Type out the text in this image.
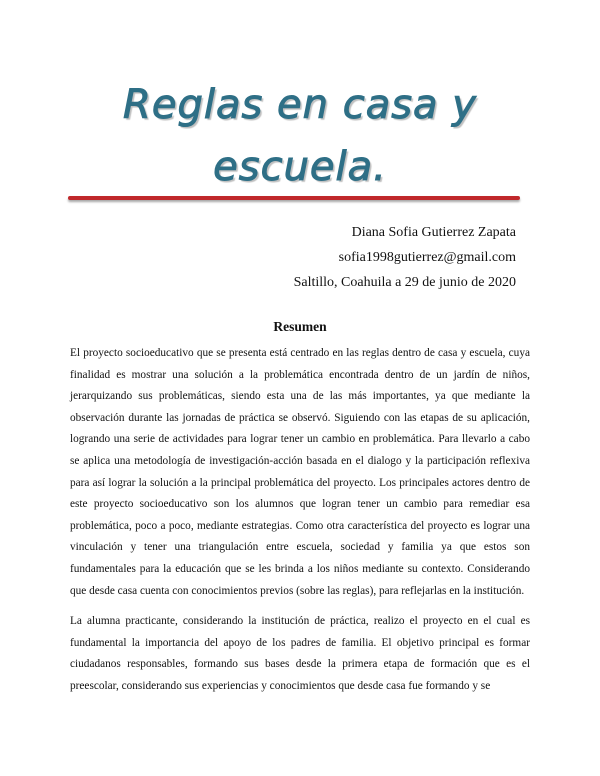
Reglas en casa y escuela.
Diana Sofia Gutierrez Zapata
sofia1998gutierrez@gmail.com
Saltillo, Coahuila a 29 de junio de 2020
Resumen

El proyecto socioeducativo que se presenta está centrado en las reglas dentro de casa y escuela, cuya finalidad es mostrar una solución a la problemática encontrada dentro de un jardín de niños, jerarquizando sus problemáticas, siendo esta una de las más importantes, ya que mediante la observación durante las jornadas de práctica se observó. Siguiendo con las etapas de su aplicación, logrando una serie de actividades para lograr tener un cambio en problemática. Para llevarlo a cabo se aplica una metodología de investigación-acción basada en el dialogo y la participación reflexiva para así lograr la solución a la principal problemática del proyecto. Los principales actores dentro de este proyecto socioeducativo son los alumnos que logran tener un cambio para remediar esa problemática, poco a poco, mediante estrategias. Como otra característica del proyecto es lograr una vinculación y tener una triangulación entre escuela, sociedad y familia ya que estos son fundamentales para la educación que se les brinda a los niños mediante su contexto. Considerando que desde casa cuenta con conocimientos previos (sobre las reglas), para reflejarlas en la institución.

La alumna practicante, considerando la institución de práctica, realizo el proyecto en el cual es fundamental la importancia del apoyo de los padres de familia. El objetivo principal es formar ciudadanos responsables, formando sus bases desde la primera etapa de formación que es el preescolar, considerando sus experiencias y conocimientos que desde casa fue formando y se
